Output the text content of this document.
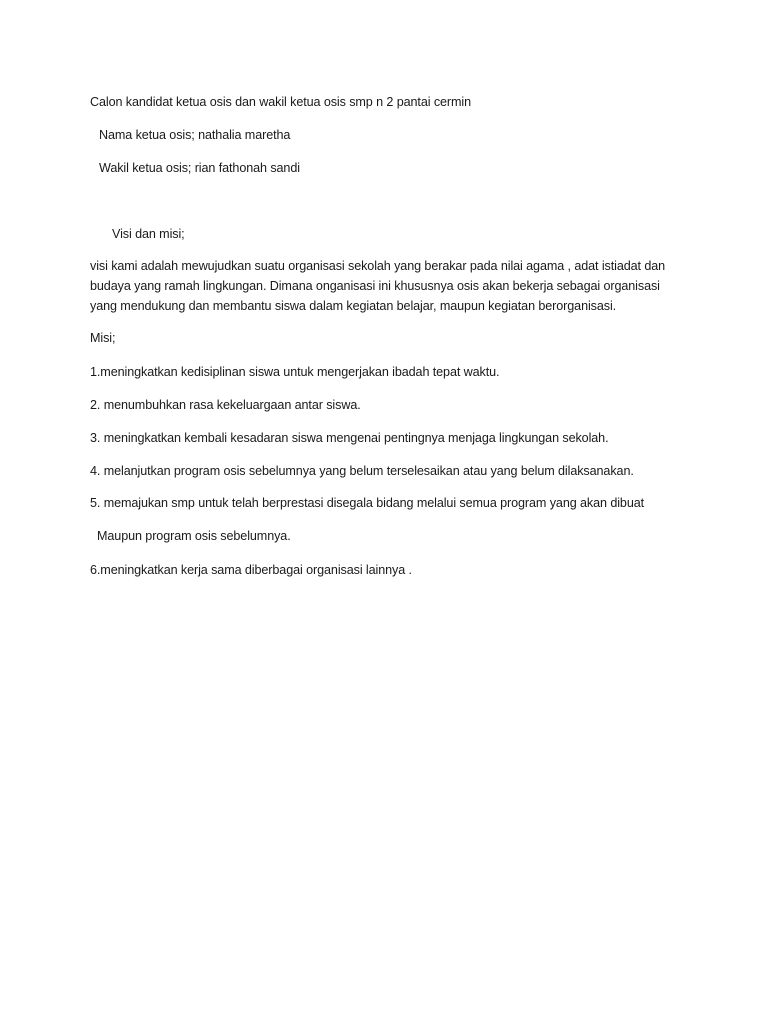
Calon kandidat ketua osis dan wakil ketua osis smp n 2 pantai cermin
Nama ketua osis; nathalia maretha
Wakil ketua osis; rian fathonah sandi
Visi dan misi;
visi kami adalah mewujudkan suatu organisasi sekolah yang berakar pada nilai agama , adat istiadat dan
budaya yang ramah lingkungan. Dimana onganisasi ini khususnya osis akan bekerja sebagai organisasi
yang mendukung dan membantu siswa dalam kegiatan belajar, maupun kegiatan berorganisasi.
Misi;
1.meningkatkan kedisiplinan siswa untuk mengerjakan ibadah tepat waktu.
2. menumbuhkan rasa kekeluargaan antar siswa.
3. meningkatkan kembali kesadaran siswa mengenai pentingnya menjaga lingkungan sekolah.
4. melanjutkan program osis sebelumnya yang belum terselesaikan atau yang belum dilaksanakan.
5. memajukan smp untuk telah berprestasi disegala bidang melalui semua program yang akan dibuat
Maupun program osis sebelumnya.
6.meningkatkan kerja sama diberbagai organisasi lainnya .
